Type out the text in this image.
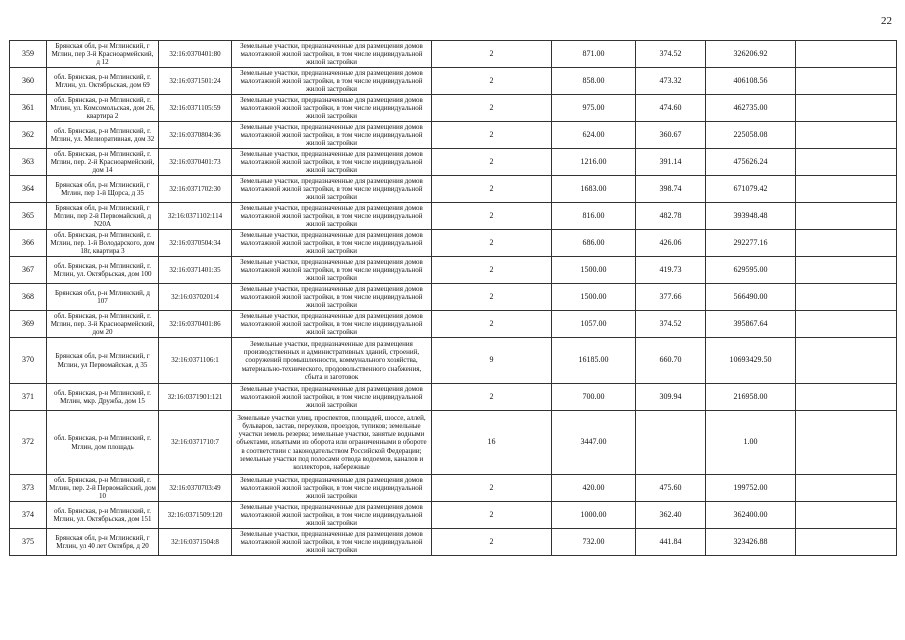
22
359	Брянская обл, р-н Мглинский, г Мглин, пер 3-й Красноармейский, д 12	32:16:0370401:80	Земельные участки, предназначенные для размещения домов малоэтажной жилой застройки, в том числе индивидуальной жилой застройки	2	871.00	374.52	326206.92	
360	обл. Брянская, р-н Мглинский, г. Мглин, ул. Октябрьская, дом 69	32:16:0371501:24	Земельные участки, предназначенные для размещения домов малоэтажной жилой застройки, в том числе индивидуальной жилой застройки	2	858.00	473.32	406108.56	
361	обл. Брянская, р-н Мглинский, г. Мглин, ул. Комсомольская, дом 26, квартира 2	32:16:0371105:59	Земельные участки, предназначенные для размещения домов малоэтажной жилой застройки, в том числе индивидуальной жилой застройки	2	975.00	474.60	462735.00	
362	обл. Брянская, р-н Мглинский, г. Мглин, ул. Мелиоративная, дом 32	32:16:0370804:36	Земельные участки, предназначенные для размещения домов малоэтажной жилой застройки, в том числе индивидуальной жилой застройки	2	624.00	360.67	225058.08	
363	обл. Брянская, р-н Мглинский, г. Мглин, пер. 2-й Красноармейский, дом 14	32:16:0370401:73	Земельные участки, предназначенные для размещения домов малоэтажной жилой застройки, в том числе индивидуальной жилой застройки	2	1216.00	391.14	475626.24	
364	Брянская обл, р-н Мглинский, г Мглин, пер 1-й Щорса, д 35	32:16:0371702:30	Земельные участки, предназначенные для размещения домов малоэтажной жилой застройки, в том числе индивидуальной жилой застройки	2	1683.00	398.74	671079.42	
365	Брянская обл, р-н Мглинский, г Мглин, пер 2-й Первомайский, д N20А	32:16:0371102:114	Земельные участки, предназначенные для размещения домов малоэтажной жилой застройки, в том числе индивидуальной жилой застройки	2	816.00	482.78	393948.48	
366	обл. Брянская, р-н Мглинский, г. Мглин, пер. 1-й Володарского, дом 18г, квартира 3	32:16:0370504:34	Земельные участки, предназначенные для размещения домов малоэтажной жилой застройки, в том числе индивидуальной жилой застройки	2	686.00	426.06	292277.16	
367	обл. Брянская, р-н Мглинский, г. Мглин, ул. Октябрьская, дом 100	32:16:0371401:35	Земельные участки, предназначенные для размещения домов малоэтажной жилой застройки, в том числе индивидуальной жилой застройки	2	1500.00	419.73	629595.00	
368	Брянская обл, р-н Мглинский, д 107	32:16:0370201:4	Земельные участки, предназначенные для размещения домов малоэтажной жилой застройки, в том числе индивидуальной жилой застройки	2	1500.00	377.66	566490.00	
369	обл. Брянская, р-н Мглинский, г. Мглин, пер. 3-й Красноармейский, дом 20	32:16:0370401:86	Земельные участки, предназначенные для размещения домов малоэтажной жилой застройки, в том числе индивидуальной жилой застройки	2	1057.00	374.52	395867.64	
370	Брянская обл, р-н Мглинский, г Мглин, ул Первомайская, д 35	32:16:0371106:1	Земельные участки, предназначенные для размещения производственных и административных зданий, строений, сооружений промышленности, коммунального хозяйства, материально-технического, продовольственного снабжения, сбыта и заготовок	9	16185.00	660.70	10693429.50	
371	обл. Брянская, р-н Мглинский, г. Мглин, мкр. Дружба, дом 15	32:16:0371901:121	Земельные участки, предназначенные для размещения домов малоэтажной жилой застройки, в том числе индивидуальной жилой застройки	2	700.00	309.94	216958.00	
372	обл. Брянская, р-н Мглинский, г. Мглин, дом площадь	32:16:0371710:7	Земельные участки улиц, проспектов, площадей, шоссе, аллей, бульваров, застав, переулков, проездов, тупиков; земельные участки земель резерва; земельные участки, занятые водными объектами, изъятыми из оборота или ограниченными в обороте в соответствии с законодательством Российской Федерации; земельные участки под полосами отвода водоемов, каналов и коллекторов, набережные	16	3447.00		1.00	
373	обл. Брянская, р-н Мглинский, г. Мглин, пер. 2-й Первомайский, дом 10	32:16:0370703:49	Земельные участки, предназначенные для размещения домов малоэтажной жилой застройки, в том числе индивидуальной жилой застройки	2	420.00	475.60	199752.00	
374	обл. Брянская, р-н Мглинский, г. Мглин, ул. Октябрьская, дом 151	32:16:0371509:120	Земельные участки, предназначенные для размещения домов малоэтажной жилой застройки, в том числе индивидуальной жилой застройки	2	1000.00	362.40	362400.00	
375	Брянская обл, р-н Мглинский, г Мглин, ул 40 лет Октября, д 20	32:16:0371504:8	Земельные участки, предназначенные для размещения домов малоэтажной жилой застройки, в том числе индивидуальной жилой застройки	2	732.00	441.84	323426.88	
